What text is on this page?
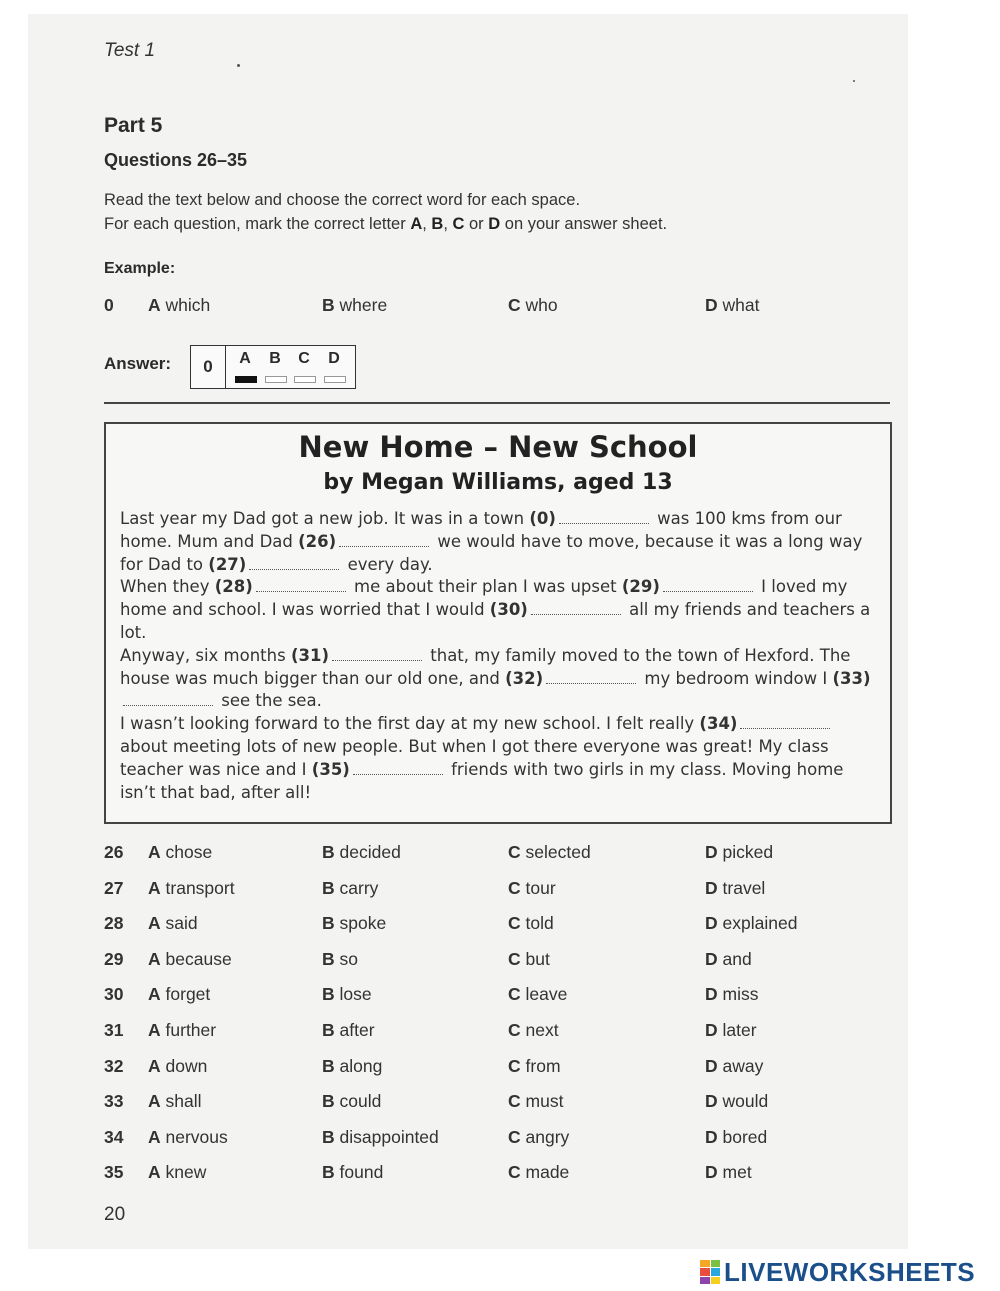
Test 1
Part 5
Questions 26–35
Read the text below and choose the correct word for each space.
For each question, mark the correct letter A, B, C or D on your answer sheet.
Example:
0 A which	B where	C who	D what
Answer:	0	A	B	C	D
New Home – New School
by Megan Williams, aged 13
Last year my Dad got a new job. It was in a town (0)	was 100 kms from our home. Mum and Dad (26)	we would have to move, because it was a long way for Dad to (27)	every day.
When they (28)	me about their plan I was upset (29)	I loved my home and school. I was worried that I would (30)	all my friends and teachers a lot.
Anyway, six months (31)	that, my family moved to the town of Hexford. The house was much bigger than our old one, and (32)	my bedroom window I (33) see the sea.
I wasn’t looking forward to the first day at my new school. I felt really (34) about meeting lots of new people. But when I got there everyone was great! My class teacher was nice and I (35)	friends with two girls in my class. Moving home isn’t that bad, after all!
26 A chose	B decided	C selected	D picked
27 A transport	B carry	C tour	D travel
28 A said	B spoke	C told	D explained
29 A because	B so	C but	D and
30 A forget	B lose	C leave	D miss
31 A further	B after	C next	D later
32 A down	B along	C from	D away
33 A shall	B could	C must	D would
34 A nervous	B disappointed	C angry	D bored
35 A knew	B found	C made	D met
20
LIVEWORKSHEETS
